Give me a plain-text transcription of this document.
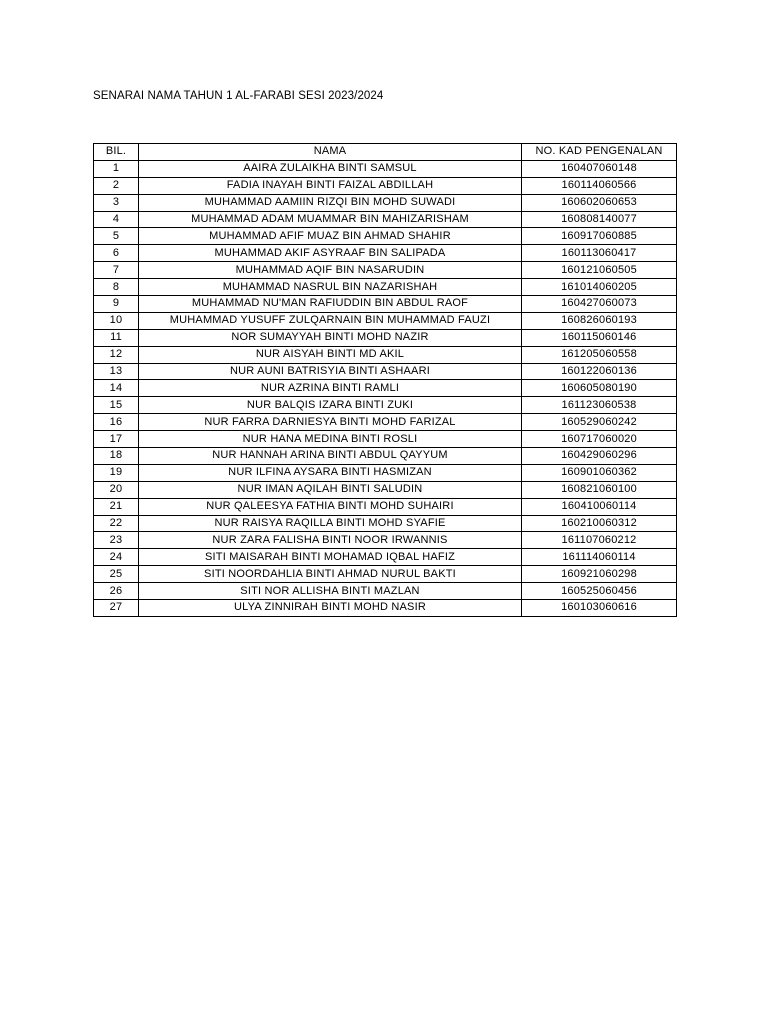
SENARAI NAMA TAHUN 1 AL-FARABI SESI 2023/2024
BIL.	NAMA	NO. KAD PENGENALAN
1	AAIRA ZULAIKHA BINTI SAMSUL	160407060148
2	FADIA INAYAH BINTI FAIZAL ABDILLAH	160114060566
3	MUHAMMAD AAMIIN RIZQI BIN MOHD SUWADI	160602060653
4	MUHAMMAD ADAM MUAMMAR BIN MAHIZARISHAM	160808140077
5	MUHAMMAD AFIF MUAZ BIN AHMAD SHAHIR	160917060885
6	MUHAMMAD AKIF ASYRAAF BIN SALIPADA	160113060417
7	MUHAMMAD AQIF BIN NASARUDIN	160121060505
8	MUHAMMAD NASRUL BIN NAZARISHAH	161014060205
9	MUHAMMAD NU'MAN RAFIUDDIN BIN ABDUL RAOF	160427060073
10	MUHAMMAD YUSUFF ZULQARNAIN BIN MUHAMMAD FAUZI	160826060193
11	NOR SUMAYYAH BINTI MOHD NAZIR	160115060146
12	NUR AISYAH BINTI MD AKIL	161205060558
13	NUR AUNI BATRISYIA BINTI ASHAARI	160122060136
14	NUR AZRINA BINTI RAMLI	160605080190
15	NUR BALQIS IZARA BINTI ZUKI	161123060538
16	NUR FARRA DARNIESYA BINTI MOHD FARIZAL	160529060242
17	NUR HANA MEDINA BINTI ROSLI	160717060020
18	NUR HANNAH ARINA BINTI ABDUL QAYYUM	160429060296
19	NUR ILFINA AYSARA BINTI HASMIZAN	160901060362
20	NUR IMAN AQILAH BINTI SALUDIN	160821060100
21	NUR QALEESYA FATHIA BINTI MOHD SUHAIRI	160410060114
22	NUR RAISYA RAQILLA BINTI MOHD SYAFIE	160210060312
23	NUR ZARA FALISHA BINTI NOOR IRWANNIS	161107060212
24	SITI MAISARAH BINTI MOHAMAD IQBAL HAFIZ	161114060114
25	SITI NOORDAHLIA BINTI AHMAD NURUL BAKTI	160921060298
26	SITI NOR ALLISHA BINTI MAZLAN	160525060456
27	ULYA ZINNIRAH BINTI MOHD NASIR	160103060616
